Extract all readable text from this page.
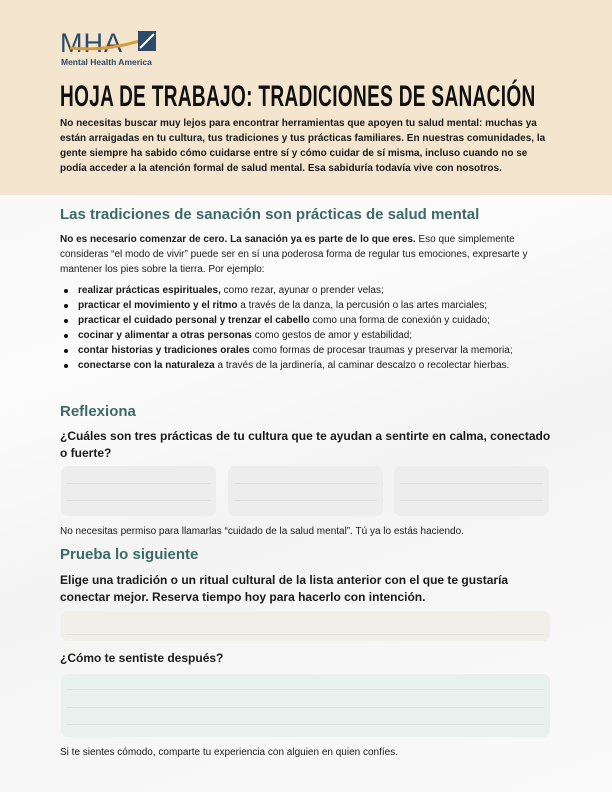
MHA
Mental Health America
HOJA DE TRABAJO: TRADICIONES DE SANACIÓN
No necesitas buscar muy lejos para encontrar herramientas que apoyen tu salud mental: muchas ya están arraigadas en tu cultura, tus tradiciones y tus prácticas familiares. En nuestras comunidades, la gente siempre ha sabido cómo cuidarse entre sí y cómo cuidar de sí misma, incluso cuando no se podía acceder a la atención formal de salud mental. Esa sabiduría todavía vive con nosotros.
Las tradiciones de sanación son prácticas de salud mental
No es necesario comenzar de cero. La sanación ya es parte de lo que eres. Eso que simplemente consideras “el modo de vivir” puede ser en sí una poderosa forma de regular tus emociones, expresarte y mantener los pies sobre la tierra. Por ejemplo:
realizar prácticas espirituales, como rezar, ayunar o prender velas;
practicar el movimiento y el ritmo a través de la danza, la percusión o las artes marciales;
practicar el cuidado personal y trenzar el cabello como una forma de conexión y cuidado;
cocinar y alimentar a otras personas como gestos de amor y estabilidad;
contar historias y tradiciones orales como formas de procesar traumas y preservar la memoria;
conectarse con la naturaleza a través de la jardinería, al caminar descalzo o recolectar hierbas.
Reflexiona
¿Cuáles son tres prácticas de tu cultura que te ayudan a sentirte en calma, conectado o fuerte?
No necesitas permiso para llamarlas “cuidado de la salud mental”. Tú ya lo estás haciendo.
Prueba lo siguiente
Elige una tradición o un ritual cultural de la lista anterior con el que te gustaría conectar mejor. Reserva tiempo hoy para hacerlo con intención.
¿Cómo te sentiste después?
Si te sientes cómodo, comparte tu experiencia con alguien en quien confíes.
